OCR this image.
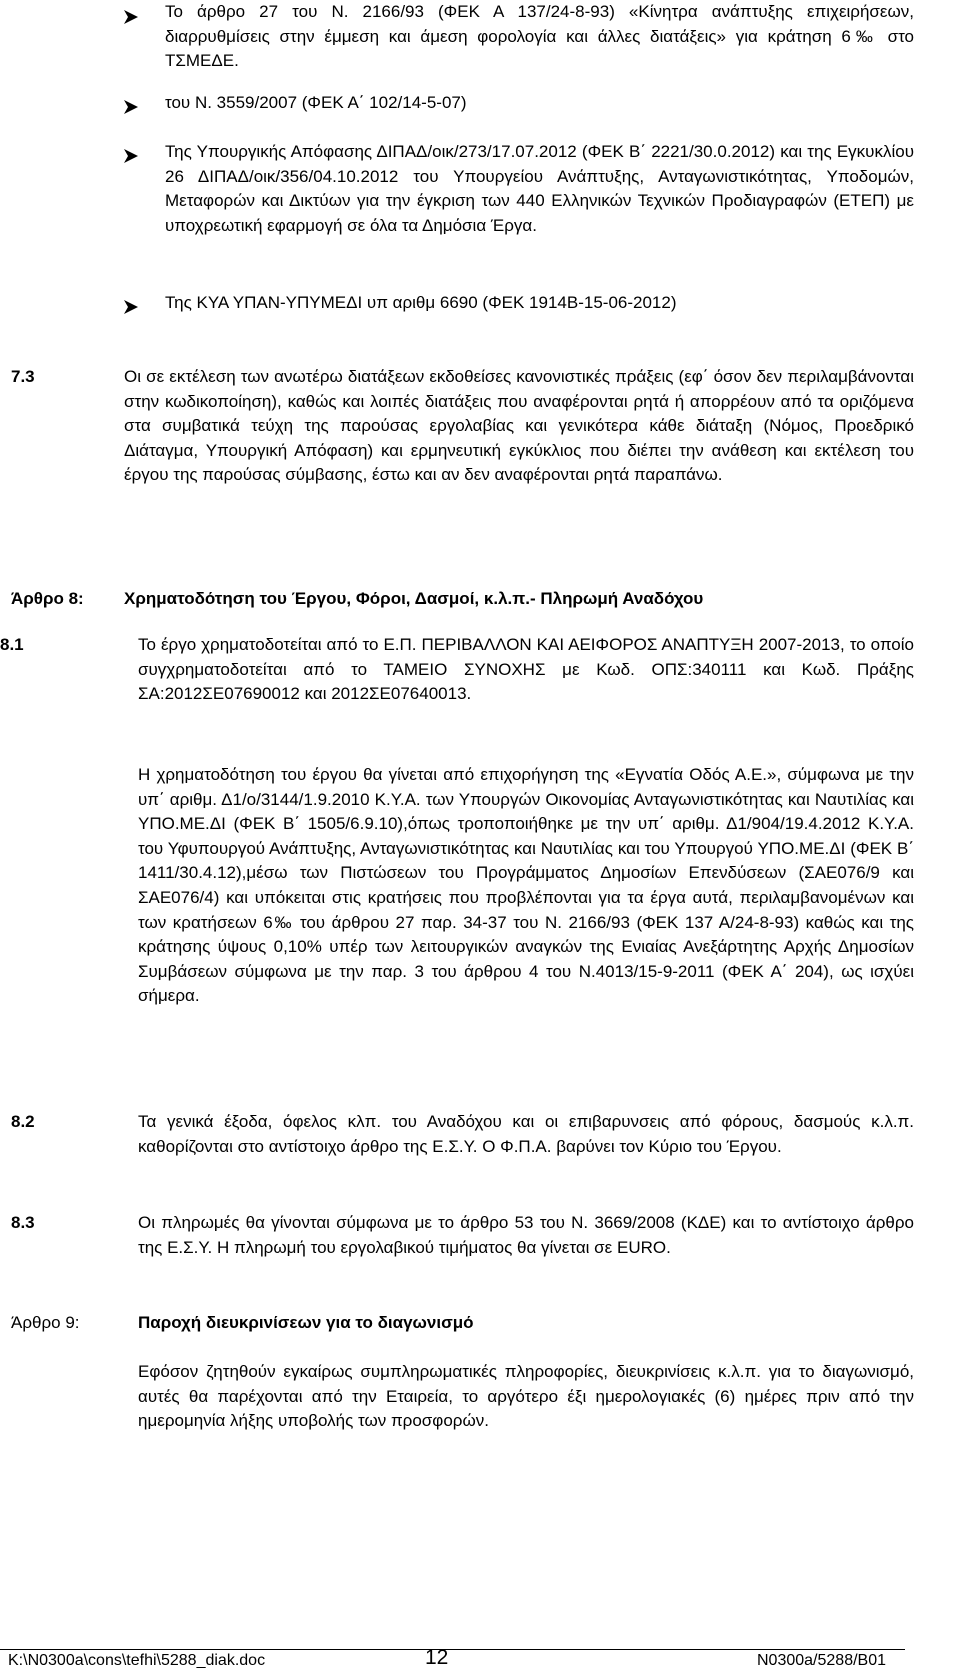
Το άρθρο 27 του Ν. 2166/93 (ΦΕΚ Α 137/24-8-93) «Κίνητρα ανάπτυξης επιχειρήσεων, διαρρυθμίσεις στην έμμεση και άμεση φορολογία και άλλες διατάξεις» για κράτηση 6‰ στο ΤΣΜΕΔΕ.

του Ν. 3559/2007 (ΦΕΚ Α΄ 102/14-5-07)

Της Υπουργικής Απόφασης ΔΙΠΑΔ/οικ/273/17.07.2012 (ΦΕΚ Β΄ 2221/30.0.2012) και της Εγκυκλίου 26 ΔΙΠΑΔ/οικ/356/04.10.2012 του Υπουργείου Ανάπτυξης, Ανταγωνιστικότητας, Υποδομών, Μεταφορών και Δικτύων για την έγκριση των 440 Ελληνικών Τεχνικών Προδιαγραφών (ΕΤΕΠ) με υποχρεωτική εφαρμογή σε όλα τα Δημόσια Έργα.

Της ΚΥΑ ΥΠΑΝ-ΥΠΥΜΕΔΙ υπ αριθμ 6690 (ΦΕΚ 1914Β-15-06-2012)

7.3	Οι σε εκτέλεση των ανωτέρω διατάξεων εκδοθείσες κανονιστικές πράξεις (εφ΄ όσον δεν περιλαμβάνονται στην κωδικοποίηση), καθώς και λοιπές διατάξεις που αναφέρονται ρητά ή απορρέουν από τα οριζόμενα στα συμβατικά τεύχη της παρούσας εργολαβίας και γενικότερα κάθε διάταξη (Νόμος, Προεδρικό Διάταγμα, Υπουργική Απόφαση) και ερμηνευτική εγκύκλιος που διέπει την ανάθεση και εκτέλεση του έργου της παρούσας σύμβασης, έστω και αν δεν αναφέρονται ρητά παραπάνω.

Άρθρο 8: Χρηματοδότηση του Έργου, Φόροι, Δασμοί, κ.λ.π.- Πληρωμή Αναδόχου
8.1	Το έργο χρηματοδοτείται από το Ε.Π. ΠΕΡΙΒΑΛΛΟΝ ΚΑΙ ΑΕΙΦΟΡΟΣ ΑΝΑΠΤΥΞΗ 2007-2013, το οποίο συγχρηματοδοτείται από το ΤΑΜΕΙΟ ΣΥΝΟΧΗΣ με Κωδ. ΟΠΣ:340111 και Κωδ. Πράξης ΣΑ:2012ΣΕ07690012 και 2012ΣΕ07640013.

Η χρηματοδότηση του έργου θα γίνεται από επιχορήγηση της «Εγνατία Οδός Α.Ε.», σύμφωνα με την υπ΄ αριθμ. Δ1/ο/3144/1.9.2010 Κ.Υ.Α. των Υπουργών Οικονομίας Ανταγωνιστικότητας και Ναυτιλίας και ΥΠΟ.ΜΕ.ΔΙ (ΦΕΚ Β΄ 1505/6.9.10),όπως τροποποιήθηκε με την υπ΄ αριθμ. Δ1/904/19.4.2012 Κ.Υ.Α. του Υφυπουργού Ανάπτυξης, Ανταγωνιστικότητας και Ναυτιλίας και του Υπουργού ΥΠΟ.ΜΕ.ΔΙ (ΦΕΚ Β΄ 1411/30.4.12),μέσω των Πιστώσεων του Προγράμματος Δημοσίων Επενδύσεων (ΣΑΕ076/9 και ΣΑΕ076/4) και υπόκειται στις κρατήσεις που προβλέπονται για τα έργα αυτά, περιλαμβανομένων και των κρατήσεων 6‰ του άρθρου 27 παρ. 34-37 του Ν. 2166/93 (ΦΕΚ 137 Α/24-8-93) καθώς και της κράτησης ύψους 0,10% υπέρ των λειτουργικών αναγκών της Ενιαίας Ανεξάρτητης Αρχής Δημοσίων Συμβάσεων σύμφωνα με την παρ. 3 του άρθρου 4 του Ν.4013/15-9-2011 (ΦΕΚ Α΄ 204), ως ισχύει σήμερα.

8.2	Τα γενικά έξοδα, όφελος κλπ. του Αναδόχου και οι επιβαρυνσεις από φόρους, δασμούς κ.λ.π. καθορίζονται στο αντίστοιχο άρθρο της Ε.Σ.Υ. Ο Φ.Π.Α. βαρύνει τον Κύριο του Έργου.

8.3	Οι πληρωμές θα γίνονται σύμφωνα με το άρθρο 53 του Ν. 3669/2008 (ΚΔΕ) και το αντίστοιχο άρθρο της Ε.Σ.Υ. Η πληρωμή του εργολαβικού τιμήματος θα γίνεται σε EURO.

Άρθρο 9:	Παροχή διευκρινίσεων για το διαγωνισμό

Εφόσον ζητηθούν εγκαίρως συμπληρωματικές πληροφορίες, διευκρινίσεις κ.λ.π. για το διαγωνισμό, αυτές θα παρέχονται από την Εταιρεία, το αργότερο έξι ημερολογιακές (6) ημέρες πριν από την ημερομηνία λήξης υποβολής των προσφορών.

K:\N0300a\cons\tefhi\5288_diak.doc	12	N0300a/5288/B01
